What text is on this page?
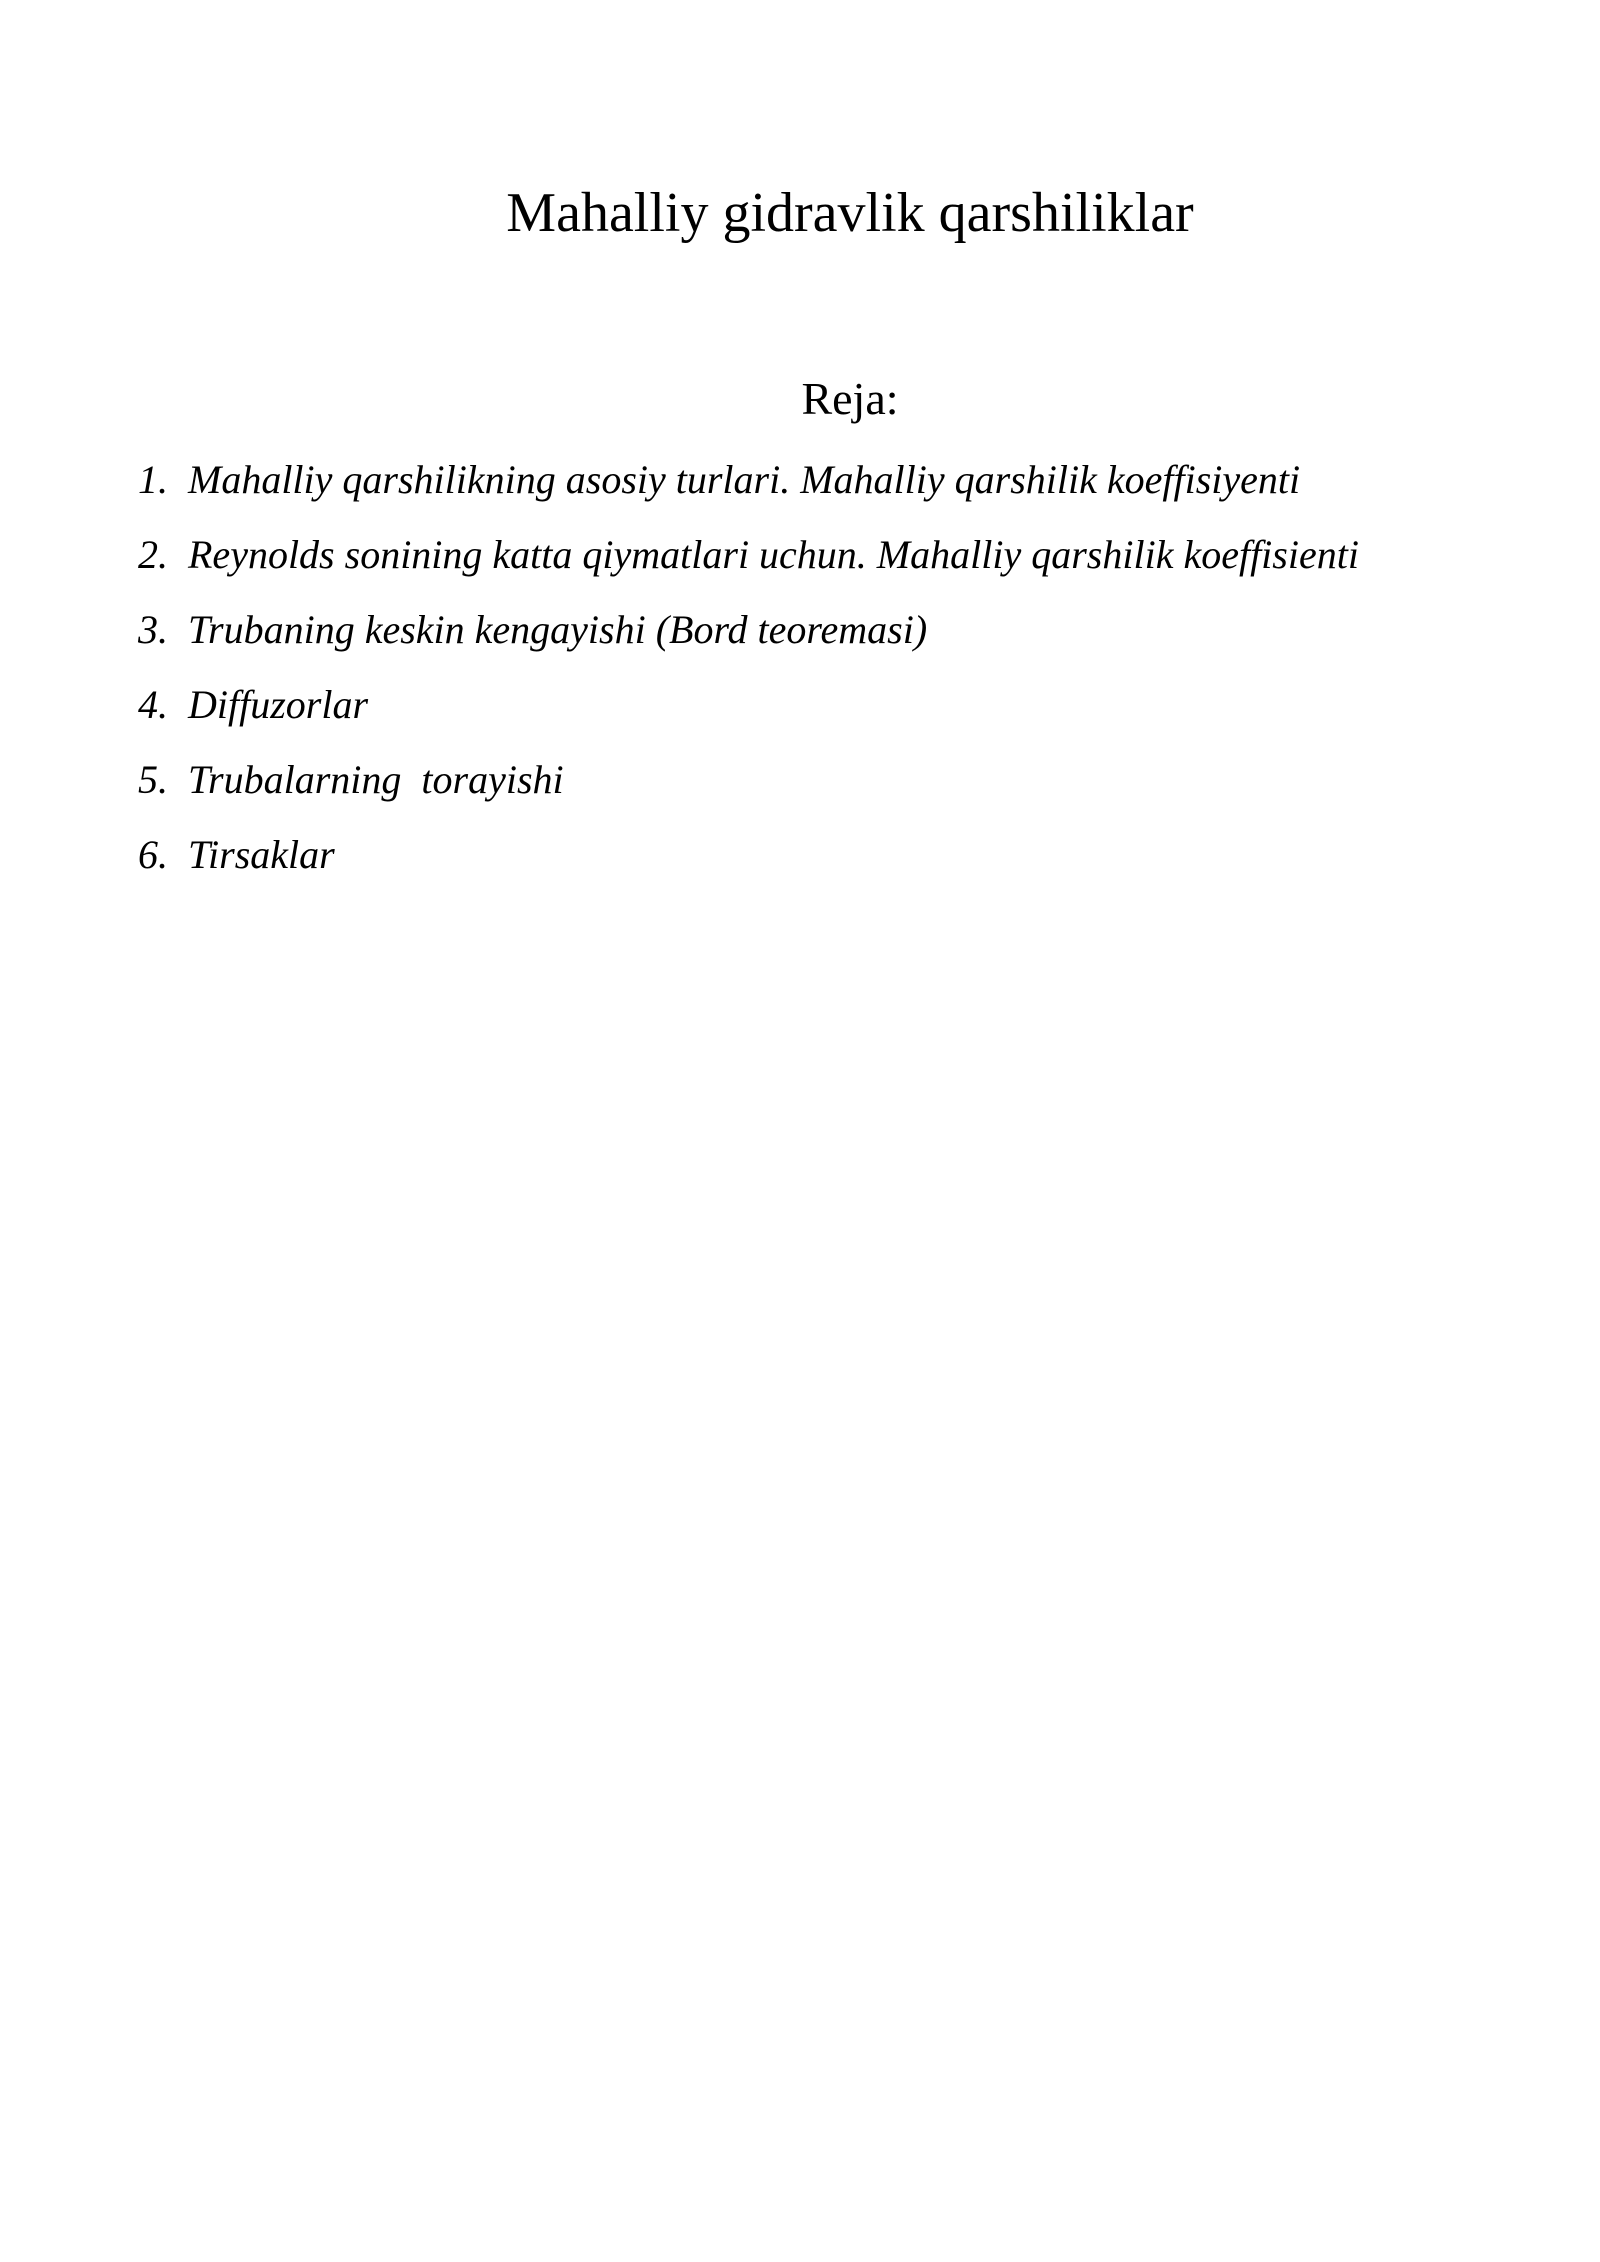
Mahalliy gidravlik qarshiliklar
Reja:
1. Mahalliy qarshilikning asosiy turlari. Mahalliy qarshilik koeffisiyenti
2. Reynolds sonining katta qiymatlari uchun. Mahalliy qarshilik koeffisienti
3. Trubaning keskin kengayishi (Bord teoremasi)
4. Diffuzorlar
5. Trubalarning  torayishi
6. Tirsaklar
